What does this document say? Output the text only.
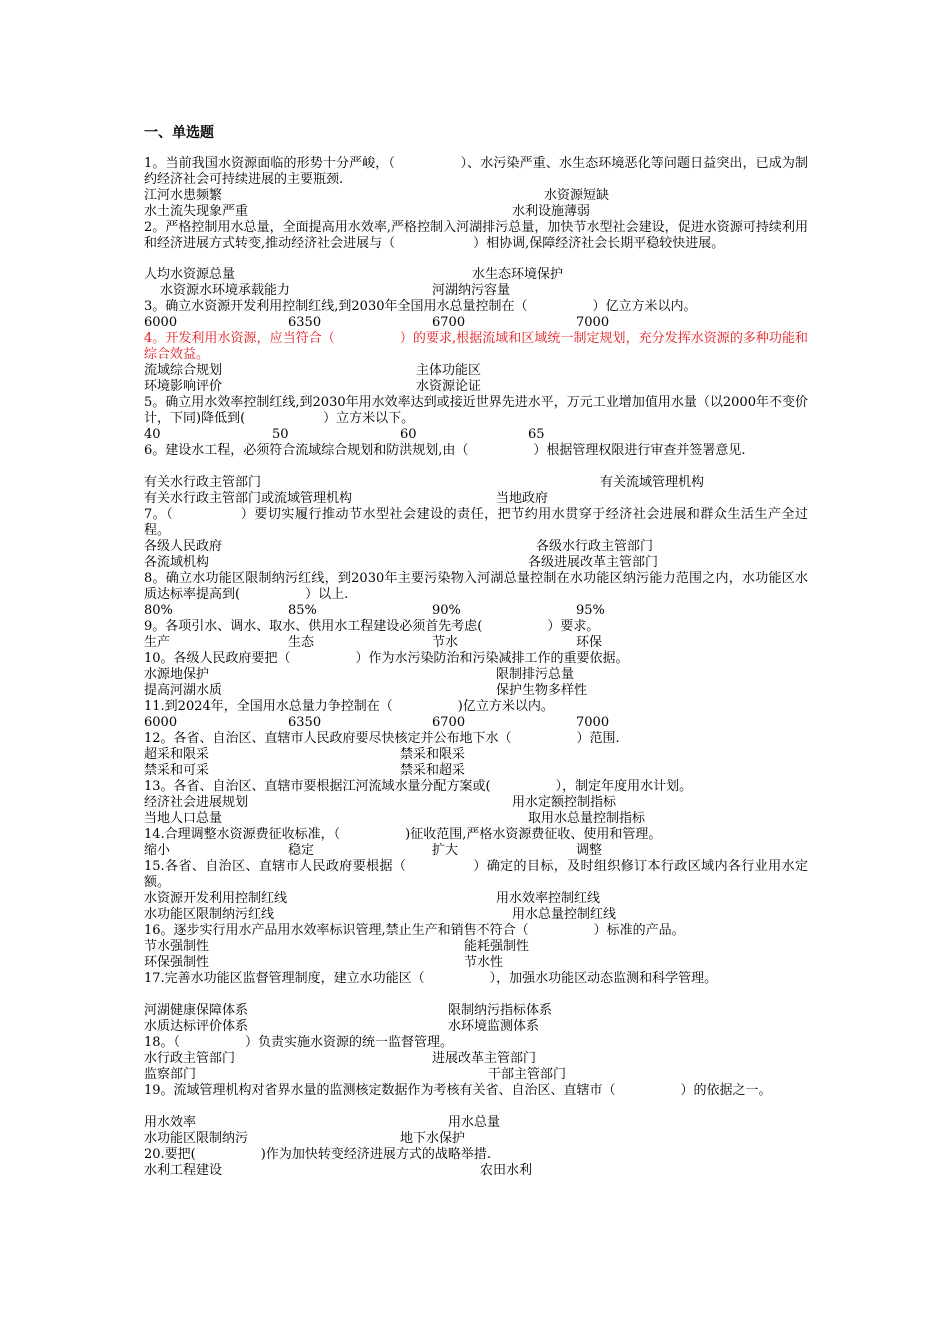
一、单选题

1。当前我国水资源面临的形势十分严峻，（　　　　　）、水污染严重、水生态环境恶化等问题日益突出，已成为制约经济社会可持续进展的主要瓶颈.

江河水患频繁	水资源短缺
水土流失现象严重	水利设施薄弱

2。严格控制用水总量，全面提高用水效率,严格控制入河湖排污总量，加快节水型社会建设，促进水资源可持续利用和经济进展方式转变,推动经济社会进展与（　　　　　　）相协调,保障经济社会长期平稳较快进展。

人均水资源总量	水生态环境保护
水资源水环境承载能力	河湖纳污容量

3。确立水资源开发利用控制红线,到2030年全国用水总量控制在（　　　　　）亿立方米以内。

6000	6350	6700	7000

4。开发利用水资源，应当符合（　　　　　）的要求,根据流域和区域统一制定规划，充分发挥水资源的多种功能和综合效益。

流域综合规划	主体功能区
环境影响评价	水资源论证

5。确立用水效率控制红线,到2030年用水效率达到或接近世界先进水平，万元工业增加值用水量（以2000年不变价计，下同)降低到(　　　　　　）立方米以下。

40	50	60	65

6。建设水工程，必须符合流域综合规划和防洪规划,由（　　　　　）根据管理权限进行审查并签署意见.

有关水行政主管部门	有关流域管理机构
有关水行政主管部门或流域管理机构	当地政府

7。（　　　　　）要切实履行推动节水型社会建设的责任，把节约用水贯穿于经济社会进展和群众生活生产全过程。

各级人民政府	各级水行政主管部门
各流域机构	各级进展改革主管部门

8。确立水功能区限制纳污红线，到2030年主要污染物入河湖总量控制在水功能区纳污能力范围之内，水功能区水质达标率提高到(　　　　　）以上.

80%	85%	90%	95%

9。各项引水、调水、取水、供用水工程建设必须首先考虑(　　　　　）要求。

生产	生态	节水	环保

10。各级人民政府要把（　　　　　）作为水污染防治和污染减排工作的重要依据。

水源地保护	限制排污总量
提高河湖水质	保护生物多样性

11.到2024年，全国用水总量力争控制在（　　　　　)亿立方米以内。

6000	6350	6700	7000

12。各省、自治区、直辖市人民政府要尽快核定并公布地下水（　　　　　）范围.

超采和限采	禁采和限采
禁采和可采	禁采和超采

13。各省、自治区、直辖市要根据江河流域水量分配方案或(　　　　　），制定年度用水计划。

经济社会进展规划	用水定额控制指标
当地人口总量	取用水总量控制指标

14.合理调整水资源费征收标准，（　　　　　)征收范围,严格水资源费征收、使用和管理。

缩小	稳定	扩大	调整

15.各省、自治区、直辖市人民政府要根据（　　　　　）确定的目标，及时组织修订本行政区域内各行业用水定额。

水资源开发利用控制红线	用水效率控制红线
水功能区限制纳污红线	用水总量控制红线

16。逐步实行用水产品用水效率标识管理,禁止生产和销售不符合（　　　　　）标准的产品。

节水强制性	能耗强制性
环保强制性	节水性

17.完善水功能区监督管理制度，建立水功能区（　　　　　），加强水功能区动态监测和科学管理。

河湖健康保障体系	限制纳污指标体系
水质达标评价体系	水环境监测体系

18。（　　　　　）负责实施水资源的统一监督管理。

水行政主管部门	进展改革主管部门
监察部门	干部主管部门

19。流域管理机构对省界水量的监测核定数据作为考核有关省、自治区、直辖市（　　　　　）的依据之一。

用水效率	用水总量
水功能区限制纳污	地下水保护

20.要把(　　　　　)作为加快转变经济进展方式的战略举措.

水利工程建设	农田水利
